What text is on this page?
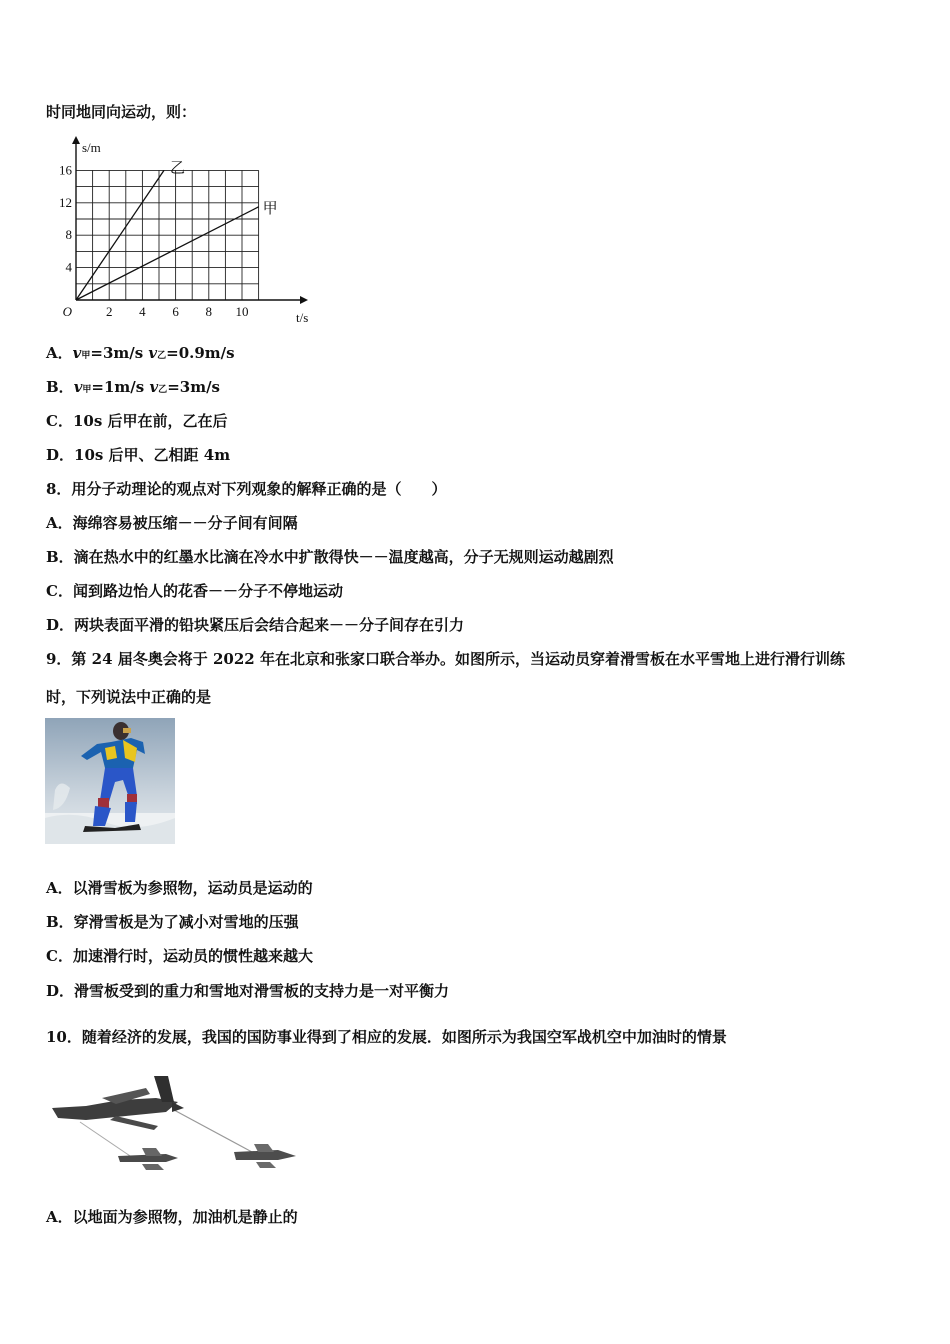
时同地同向运动，则：
乙
甲
2 4 6 8 10
4
8
12
16
O	t/s
s/m
A．v甲=3m/s v乙=0.9m/s
B．v甲=1m/s v乙=3m/s
C．10s 后甲在前，乙在后
D．10s 后甲、乙相距 4m
8．用分子动理论的观点对下列观象的解释正确的是（　　）
A．海绵容易被压缩－－分子间有间隔
B．滴在热水中的红墨水比滴在冷水中扩散得快－－温度越高，分子无规则运动越剧烈
C．闻到路边怡人的花香－－分子不停地运动
D．两块表面平滑的铅块紧压后会结合起来－－分子间存在引力
9．第 24 届冬奥会将于 2022 年在北京和张家口联合举办。如图所示，当运动员穿着滑雪板在水平雪地上进行滑行训练
时，下列说法中正确的是
A．以滑雪板为参照物，运动员是运动的
B．穿滑雪板是为了减小对雪地的压强
C．加速滑行时，运动员的惯性越来越大
D．滑雪板受到的重力和雪地对滑雪板的支持力是一对平衡力
10．随着经济的发展，我国的国防事业得到了相应的发展．如图所示为我国空军战机空中加油时的情景
A．以地面为参照物，加油机是静止的
